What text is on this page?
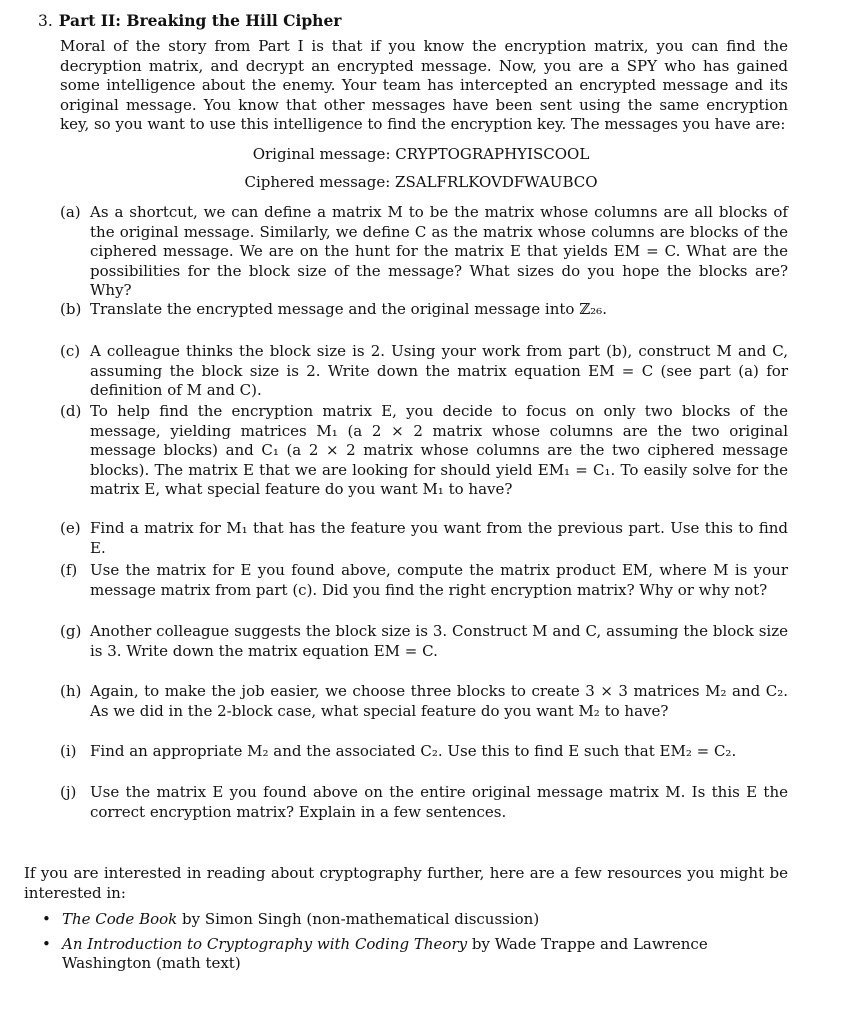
3. Part II: Breaking the Hill Cipher
Moral of the story from Part I is that if you know the encryption matrix, you can find the decryption matrix, and decrypt an encrypted message. Now, you are a SPY who has gained some intelligence about the enemy. Your team has intercepted an encrypted message and its original message. You know that other messages have been sent using the same encryption key, so you want to use this intelligence to find the encryption key. The messages you have are:
Original message: CRYPTOGRAPHYISCOOL
Ciphered message: ZSALFRLKOVDFWAUBCO
(a) As a shortcut, we can define a matrix M to be the matrix whose columns are all blocks of the original message. Similarly, we define C as the matrix whose columns are blocks of the ciphered message. We are on the hunt for the matrix E that yields EM = C. What are the possibilities for the block size of the message? What sizes do you hope the blocks are? Why?
(b) Translate the encrypted message and the original message into ℤ₂₆.
(c) A colleague thinks the block size is 2. Using your work from part (b), construct M and C, assuming the block size is 2. Write down the matrix equation EM = C (see part (a) for definition of M and C).
(d) To help find the encryption matrix E, you decide to focus on only two blocks of the message, yielding matrices M₁ (a 2 × 2 matrix whose columns are the two original message blocks) and C₁ (a 2 × 2 matrix whose columns are the two ciphered message blocks). The matrix E that we are looking for should yield EM₁ = C₁. To easily solve for the matrix E, what special feature do you want M₁ to have?
(e) Find a matrix for M₁ that has the feature you want from the previous part. Use this to find E.
(f) Use the matrix for E you found above, compute the matrix product EM, where M is your message matrix from part (c). Did you find the right encryption matrix? Why or why not?
(g) Another colleague suggests the block size is 3. Construct M and C, assuming the block size is 3. Write down the matrix equation EM = C.
(h) Again, to make the job easier, we choose three blocks to create 3 × 3 matrices M₂ and C₂. As we did in the 2-block case, what special feature do you want M₂ to have?
(i) Find an appropriate M₂ and the associated C₂. Use this to find E such that EM₂ = C₂.
(j) Use the matrix E you found above on the entire original message matrix M. Is this E the correct encryption matrix? Explain in a few sentences.
If you are interested in reading about cryptography further, here are a few resources you might be interested in:
• The Code Book by Simon Singh (non-mathematical discussion)
• An Introduction to Cryptography with Coding Theory by Wade Trappe and Lawrence Washington (math text)
